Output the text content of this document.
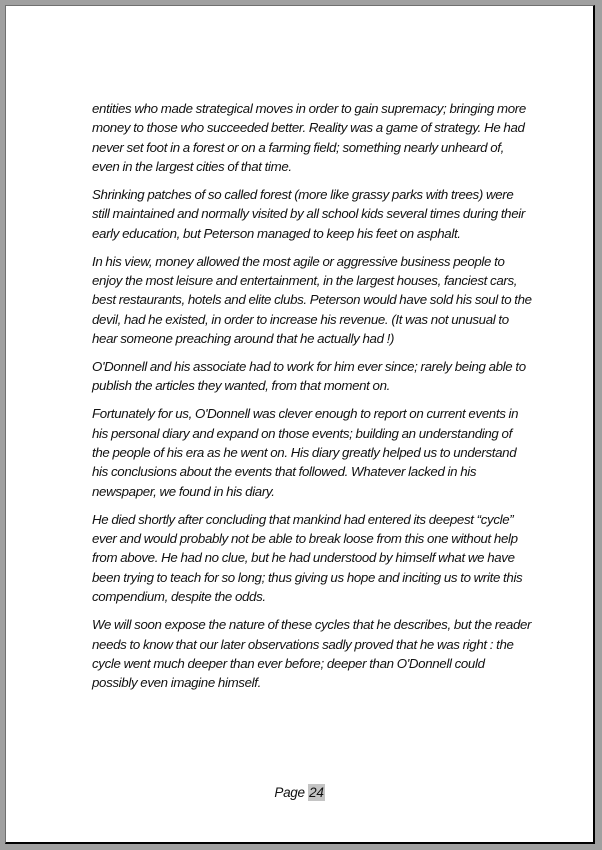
entities who made strategical moves in order to gain supremacy; bringing more money to those who succeeded better. Reality was a game of strategy. He had never set foot in a forest or on a farming field; something nearly unheard of, even in the largest cities of that time.

Shrinking patches of so called forest (more like grassy parks with trees) were still maintained and normally visited by all school kids several times during their early education, but Peterson managed to keep his feet on asphalt.

In his view, money allowed the most agile or aggressive business people to enjoy the most leisure and entertainment, in the largest houses, fanciest cars, best restaurants, hotels and elite clubs. Peterson would have sold his soul to the devil, had he existed, in order to increase his revenue. (It was not unusual to hear someone preaching around that he actually had !)

O'Donnell and his associate had to work for him ever since; rarely being able to publish the articles they wanted, from that moment on.

Fortunately for us, O'Donnell was clever enough to report on current events in his personal diary and expand on those events; building an understanding of the people of his era as he went on. His diary greatly helped us to understand his conclusions about the events that followed. Whatever lacked in his newspaper, we found in his diary.

He died shortly after concluding that mankind had entered its deepest “cycle” ever and would probably not be able to break loose from this one without help from above. He had no clue, but he had understood by himself what we have been trying to teach for so long; thus giving us hope and inciting us to write this compendium, despite the odds.

We will soon expose the nature of these cycles that he describes, but the reader needs to know that our later observations sadly proved that he was right : the cycle went much deeper than ever before; deeper than O'Donnell could possibly even imagine himself.

Page 24
